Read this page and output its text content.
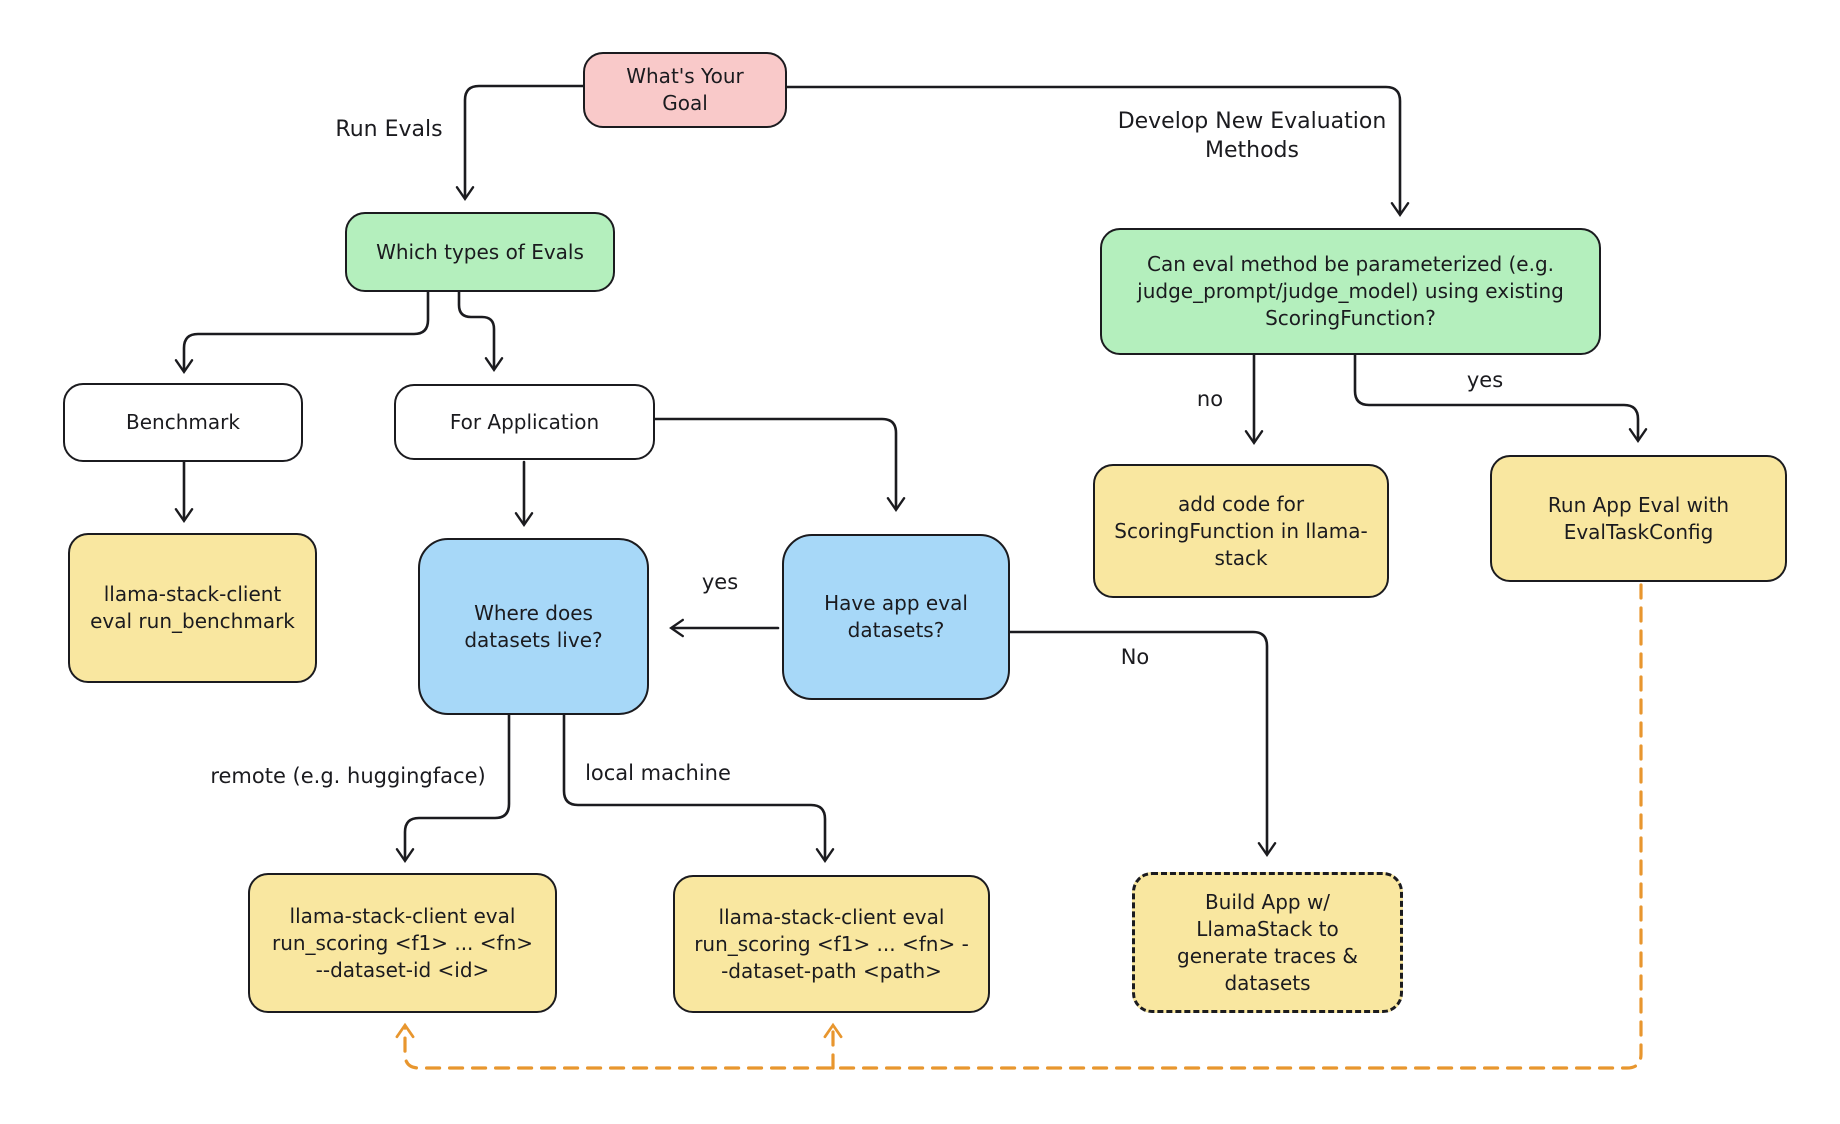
What's Your Goal
Which types of Evals
Benchmark	For Application
llama-stack-client eval run_benchmark	Where does datasets live?
Have app eval datasets?
Can eval method be parameterized (e.g. judge_prompt/judge_model) using existing ScoringFunction?
add code for ScoringFunction in llama-stack
Run App Eval with EvalTaskConfig
llama-stack-client eval run_scoring <f1> ... <fn> --dataset-id <id>
llama-stack-client eval run_scoring <f1> ... <fn> --dataset-path <path>
Build App w/ LlamaStack to generate traces & datasets
Run Evals	Develop New Evaluation Methods
no
yes
yes
No
remote (e.g. huggingface)	local machine
